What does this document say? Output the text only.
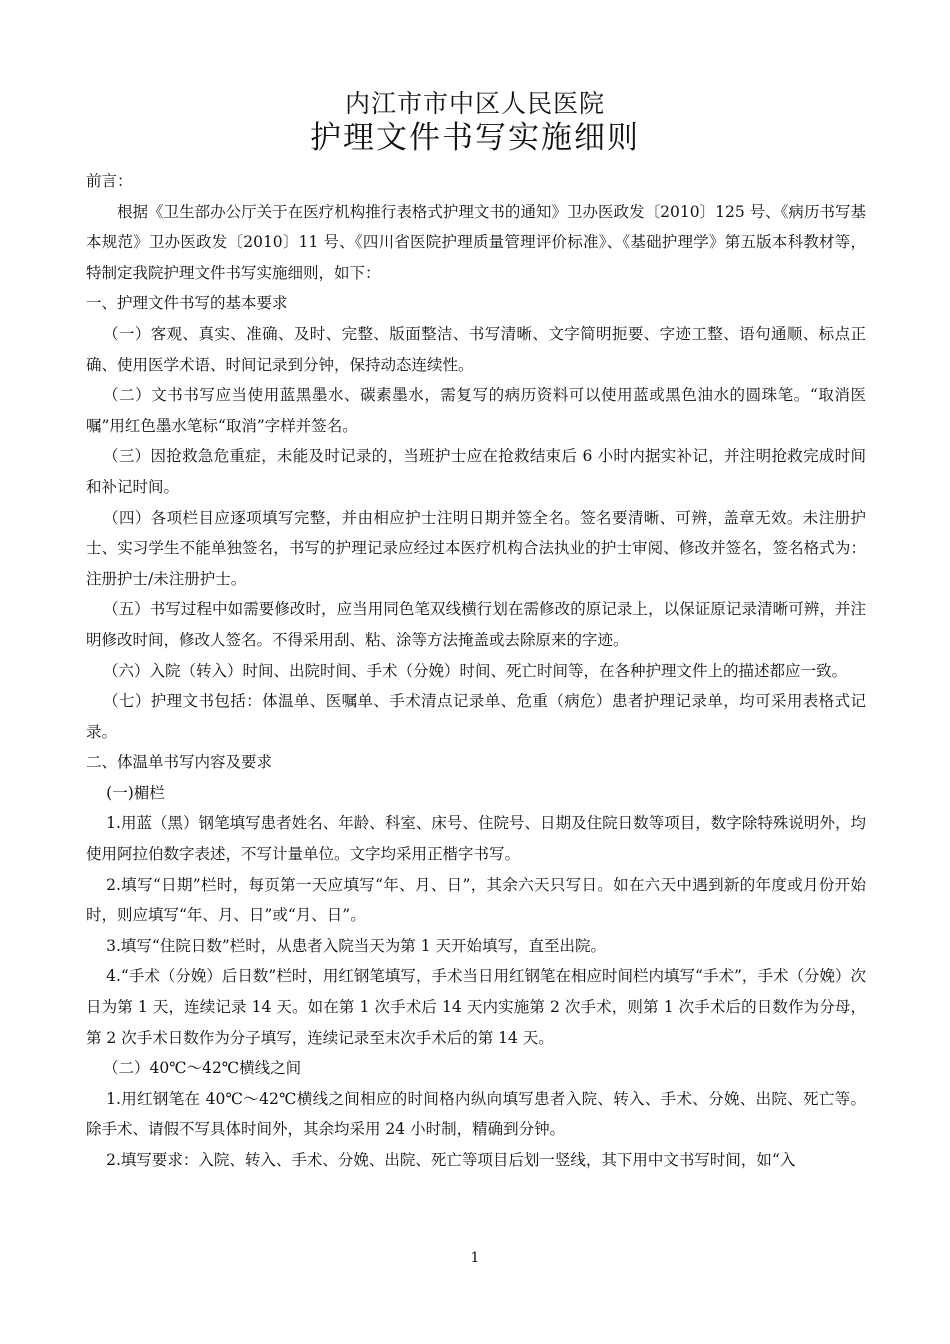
内江市市中区人民医院
护理文件书写实施细则

前言：

根据《卫生部办公厅关于在医疗机构推行表格式护理文书的通知》卫办医政发〔2010〕125 号、《病历书写基本规范》卫办医政发〔2010〕11 号、《四川省医院护理质量管理评价标准》、《基础护理学》第五版本科教材等，特制定我院护理文件书写实施细则，如下：

一、护理文件书写的基本要求

（一）客观、真实、准确、及时、完整、版面整洁、书写清晰、文字简明扼要、字迹工整、语句通顺、标点正确、使用医学术语、时间记录到分钟，保持动态连续性。

（二）文书书写应当使用蓝黑墨水、碳素墨水，需复写的病历资料可以使用蓝或黑色油水的圆珠笔。“取消医嘱”用红色墨水笔标“取消”字样并签名。

（三）因抢救急危重症，未能及时记录的，当班护士应在抢救结束后 6 小时内据实补记，并注明抢救完成时间和补记时间。

（四）各项栏目应逐项填写完整，并由相应护士注明日期并签全名。签名要清晰、可辨，盖章无效。未注册护士、实习学生不能单独签名，书写的护理记录应经过本医疗机构合法执业的护士审阅、修改并签名，签名格式为：注册护士/未注册护士。

（五）书写过程中如需要修改时，应当用同色笔双线横行划在需修改的原记录上，以保证原记录清晰可辨，并注明修改时间，修改人签名。不得采用刮、粘、涂等方法掩盖或去除原来的字迹。

（六）入院（转入）时间、出院时间、手术（分娩）时间、死亡时间等，在各种护理文件上的描述都应一致。

（七）护理文书包括：体温单、医嘱单、手术清点记录单、危重（病危）患者护理记录单，均可采用表格式记录。

二、体温单书写内容及要求

(一)楣栏

1.用蓝（黑）钢笔填写患者姓名、年龄、科室、床号、住院号、日期及住院日数等项目，数字除特殊说明外，均使用阿拉伯数字表述，不写计量单位。文字均采用正楷字书写。

2.填写“日期”栏时，每页第一天应填写“年、月、日”，其余六天只写日。如在六天中遇到新的年度或月份开始时，则应填写“年、月、日”或“月、日”。

3.填写“住院日数”栏时，从患者入院当天为第 1 天开始填写，直至出院。

4.“手术（分娩）后日数”栏时，用红钢笔填写，手术当日用红钢笔在相应时间栏内填写“手术”，手术（分娩）次日为第 1 天，连续记录 14 天。如在第 1 次手术后 14 天内实施第 2 次手术，则第 1 次手术后的日数作为分母，第 2 次手术日数作为分子填写，连续记录至末次手术后的第 14 天。

（二）40℃～42℃横线之间

1.用红钢笔在 40℃～42℃横线之间相应的时间格内纵向填写患者入院、转入、手术、分娩、出院、死亡等。除手术、请假不写具体时间外，其余均采用 24 小时制，精确到分钟。

2.填写要求：入院、转入、手术、分娩、出院、死亡等项目后划一竖线，其下用中文书写时间，如“入

1
